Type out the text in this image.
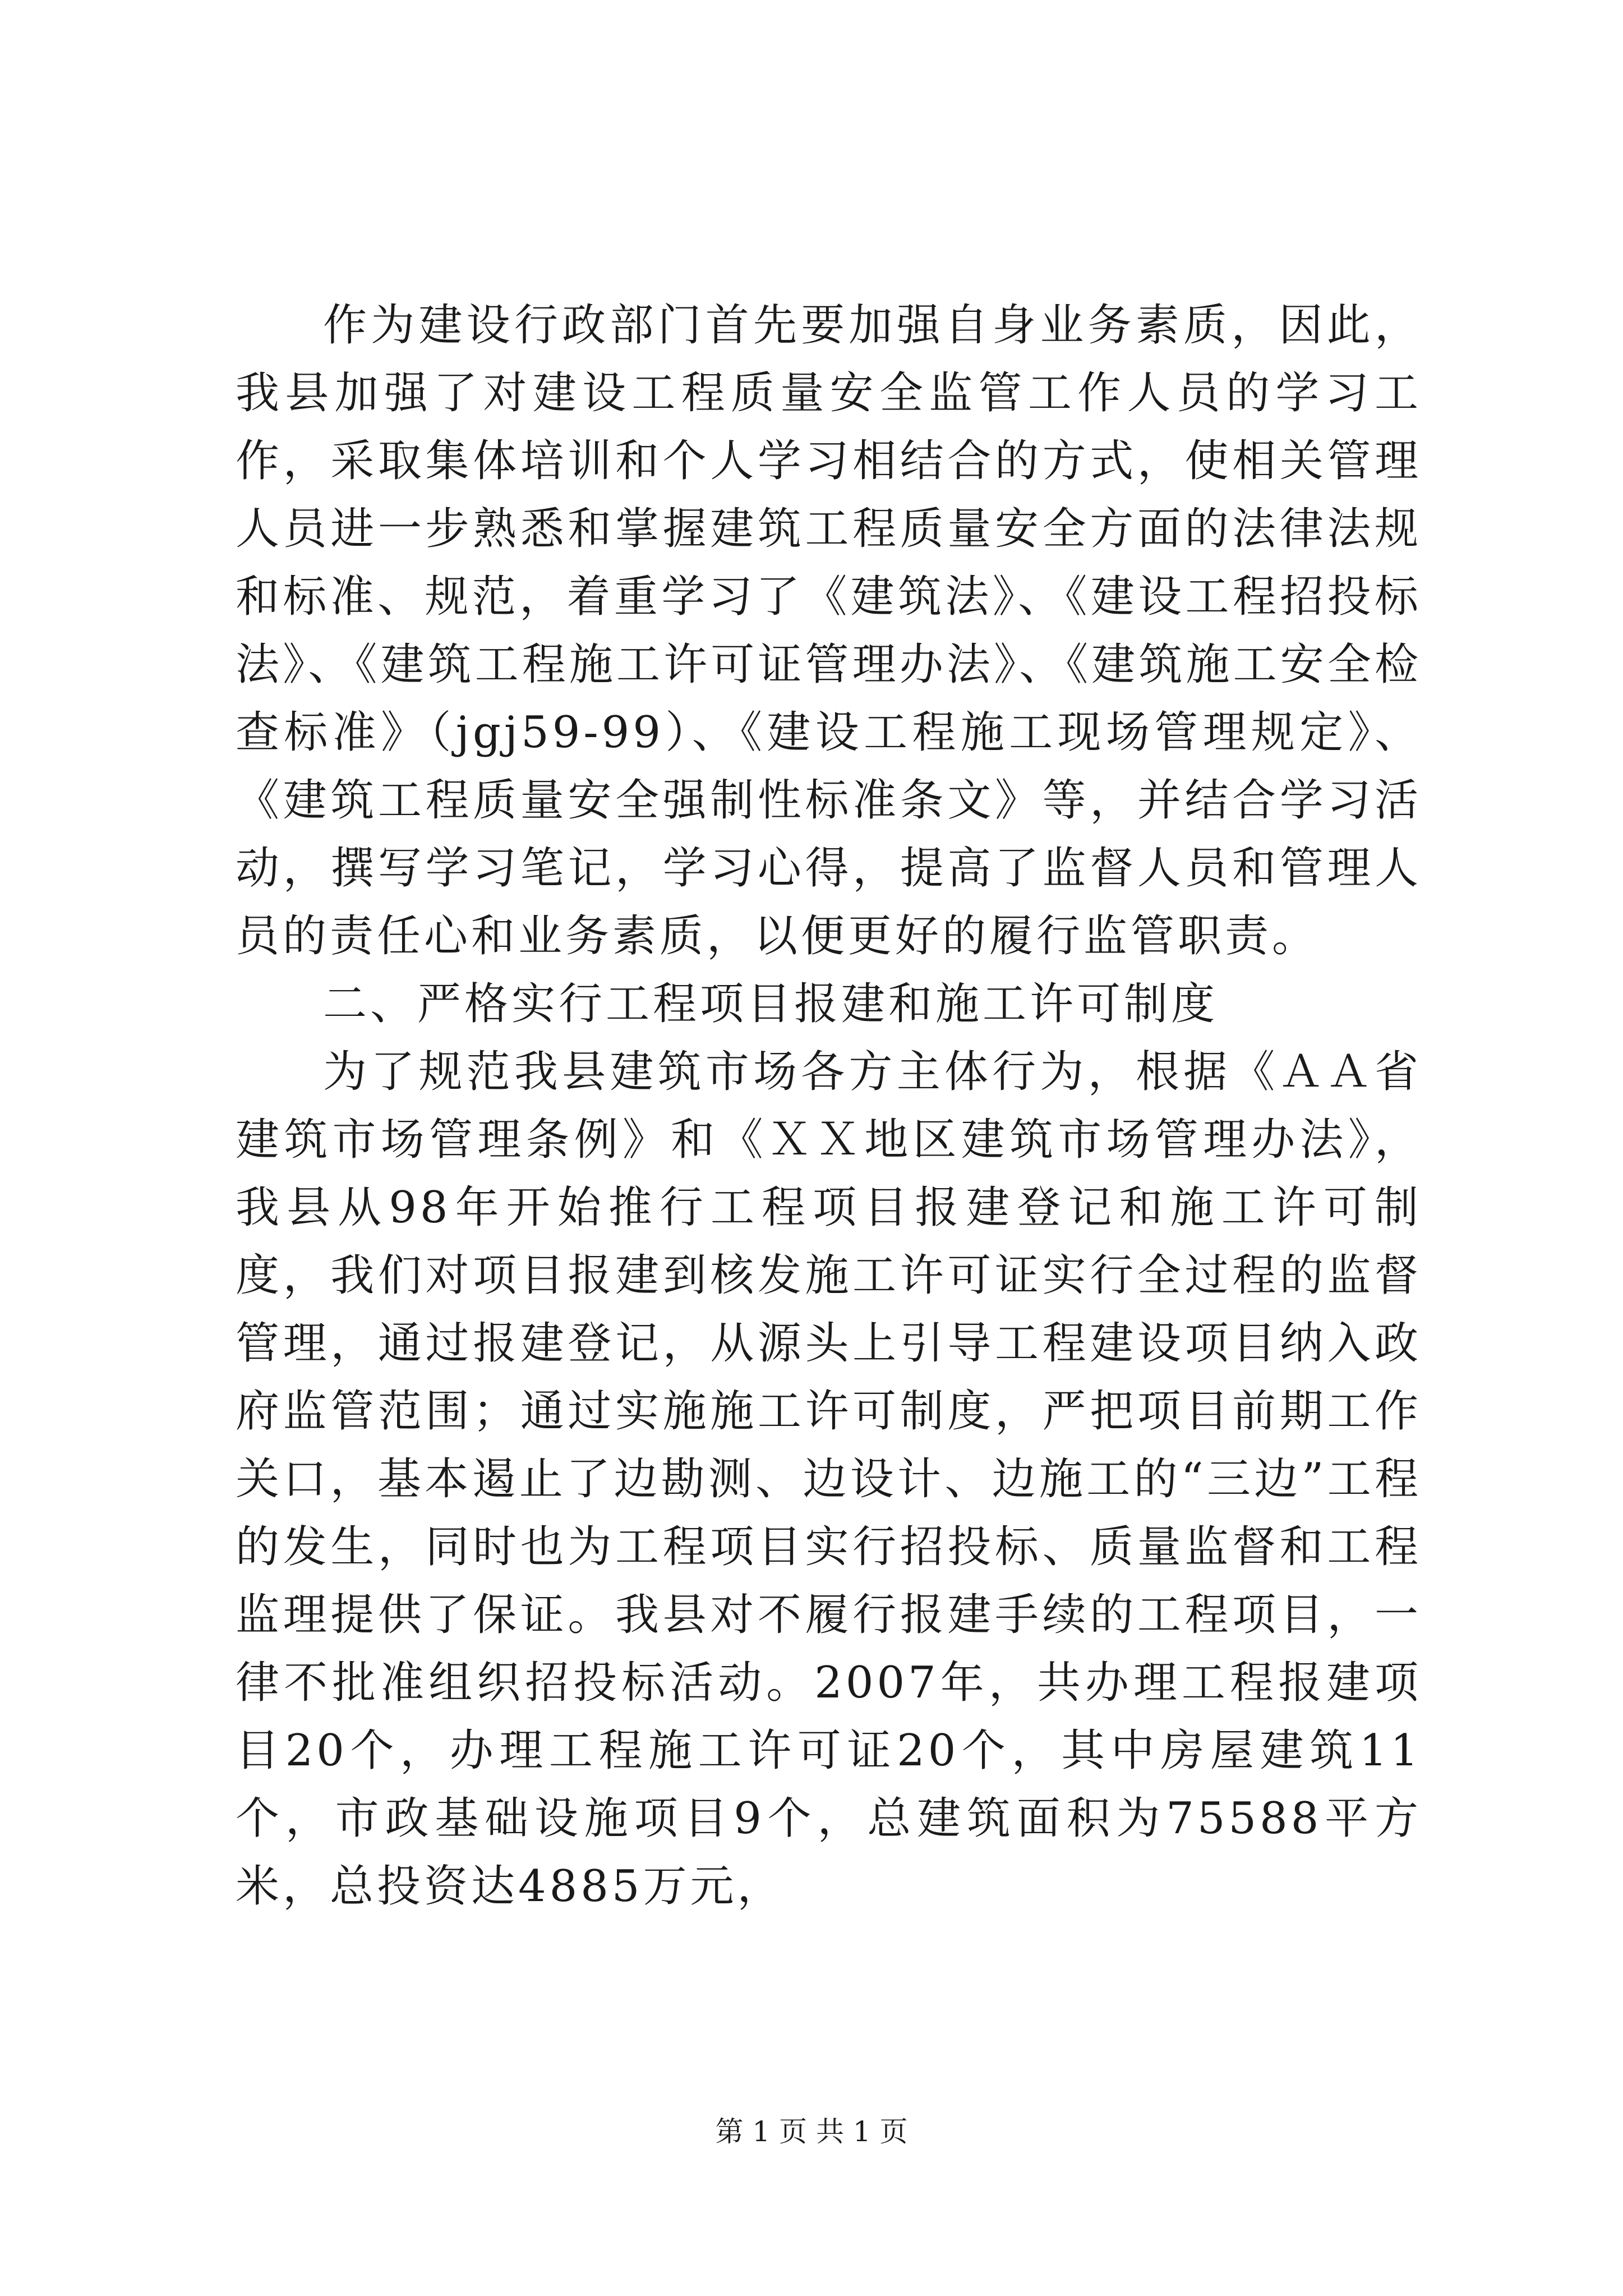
作为建设行政部门首先要加强自身业务素质，因此，我县加强了对建设工程质量安全监管工作人员的学习工作，采取集体培训和个人学习相结合的方式，使相关管理人员进一步熟悉和掌握建筑工程质量安全方面的法律法规和标准、规范，着重学习了《建筑法》、《建设工程招投标法》、《建筑工程施工许可证管理办法》、《建筑施工安全检查标准》（jgj59-99）、《建设工程施工现场管理规定》、《建筑工程质量安全强制性标准条文》等，并结合学习活动，撰写学习笔记，学习心得，提高了监督人员和管理人员的责任心和业务素质，以便更好的履行监管职责。

二、严格实行工程项目报建和施工许可制度

为了规范我县建筑市场各方主体行为，根据《ＡＡ省建筑市场管理条例》和《ＸＸ地区建筑市场管理办法》，我县从98年开始推行工程项目报建登记和施工许可制度，我们对项目报建到核发施工许可证实行全过程的监督管理，通过报建登记，从源头上引导工程建设项目纳入政府监管范围；通过实施施工许可制度，严把项目前期工作关口，基本遏止了边勘测、边设计、边施工的“三边”工程的发生，同时也为工程项目实行招投标、质量监督和工程监理提供了保证。我县对不履行报建手续的工程项目，一律不批准组织招投标活动。2007年，共办理工程报建项目20个，办理工程施工许可证20个，其中房屋建筑11个，市政基础设施项目9个，总建筑面积为75588平方米，总投资达4885万元，

第 1 页 共 1 页
